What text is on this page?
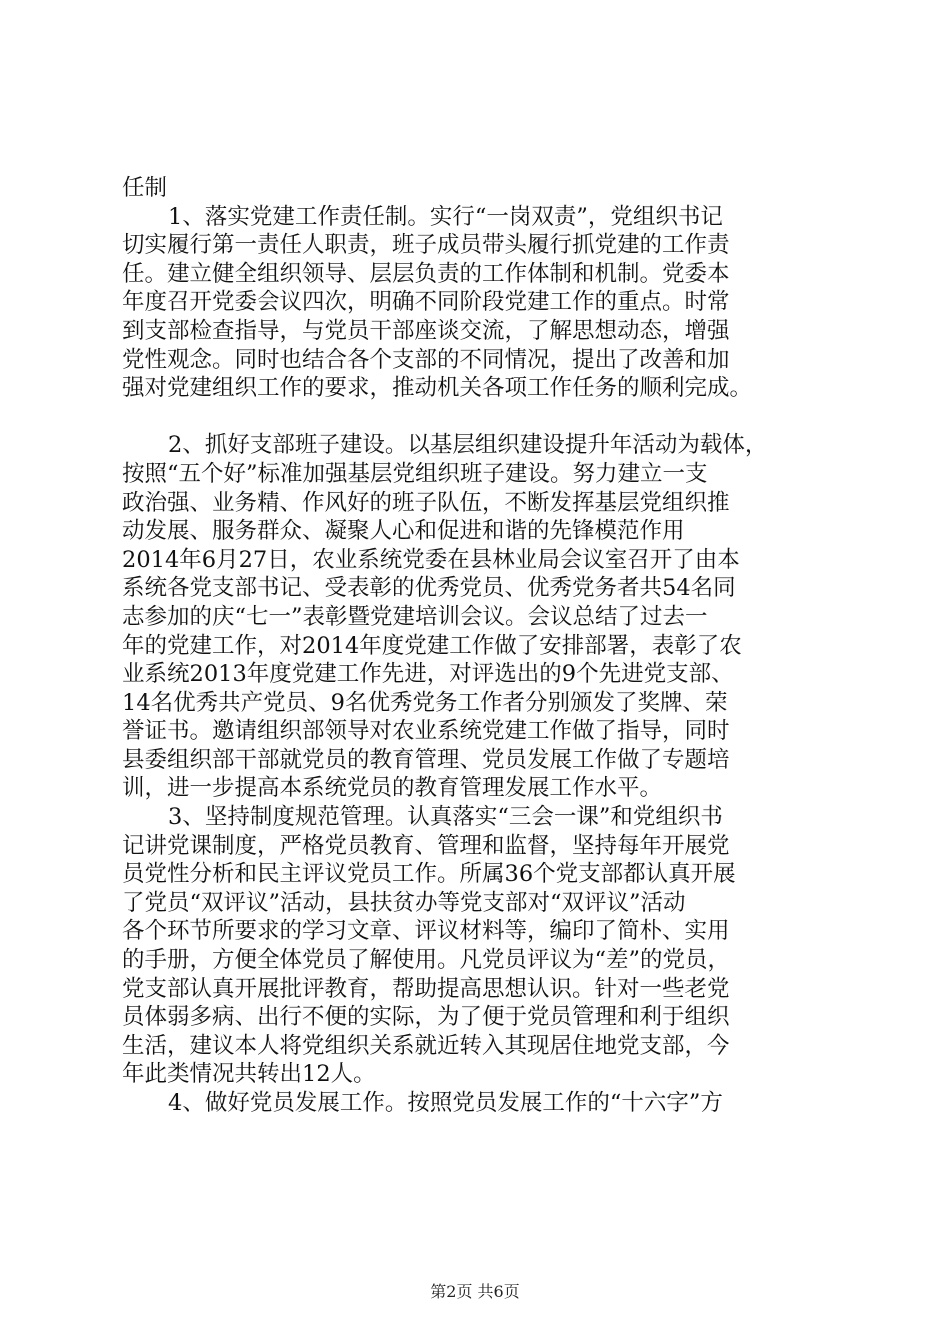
任制
1、落实党建工作责任制。实行“一岗双责”，党组织书记
切实履行第一责任人职责，班子成员带头履行抓党建的工作责
任。建立健全组织领导、层层负责的工作体制和机制。党委本
年度召开党委会议四次，明确不同阶段党建工作的重点。时常
到支部检查指导，与党员干部座谈交流，了解思想动态，增强
党性观念。同时也结合各个支部的不同情况，提出了改善和加
强对党建组织工作的要求，推动机关各项工作任务的顺利完成。
2、抓好支部班子建设。以基层组织建设提升年活动为载体，
按照“五个好”标准加强基层党组织班子建设。努力建立一支
政治强、业务精、作风好的班子队伍，不断发挥基层党组织推
动发展、服务群众、凝聚人心和促进和谐的先锋模范作用
2014年6月27日，农业系统党委在县林业局会议室召开了由本
系统各党支部书记、受表彰的优秀党员、优秀党务者共54名同
志参加的庆“七一”表彰暨党建培训会议。会议总结了过去一
年的党建工作，对2014年度党建工作做了安排部署，表彰了农
业系统2013年度党建工作先进，对评选出的9个先进党支部、
14名优秀共产党员、9名优秀党务工作者分别颁发了奖牌、荣
誉证书。邀请组织部领导对农业系统党建工作做了指导，同时
县委组织部干部就党员的教育管理、党员发展工作做了专题培
训，进一步提高本系统党员的教育管理发展工作水平。
3、坚持制度规范管理。认真落实“三会一课”和党组织书
记讲党课制度，严格党员教育、管理和监督，坚持每年开展党
员党性分析和民主评议党员工作。所属36个党支部都认真开展
了党员“双评议”活动，县扶贫办等党支部对“双评议”活动
各个环节所要求的学习文章、评议材料等，编印了简朴、实用
的手册，方便全体党员了解使用。凡党员评议为“差”的党员，
党支部认真开展批评教育，帮助提高思想认识。针对一些老党
员体弱多病、出行不便的实际，为了便于党员管理和利于组织
生活，建议本人将党组织关系就近转入其现居住地党支部，今
年此类情况共转出12人。
4、做好党员发展工作。按照党员发展工作的“十六字”方
第2页 共6页
